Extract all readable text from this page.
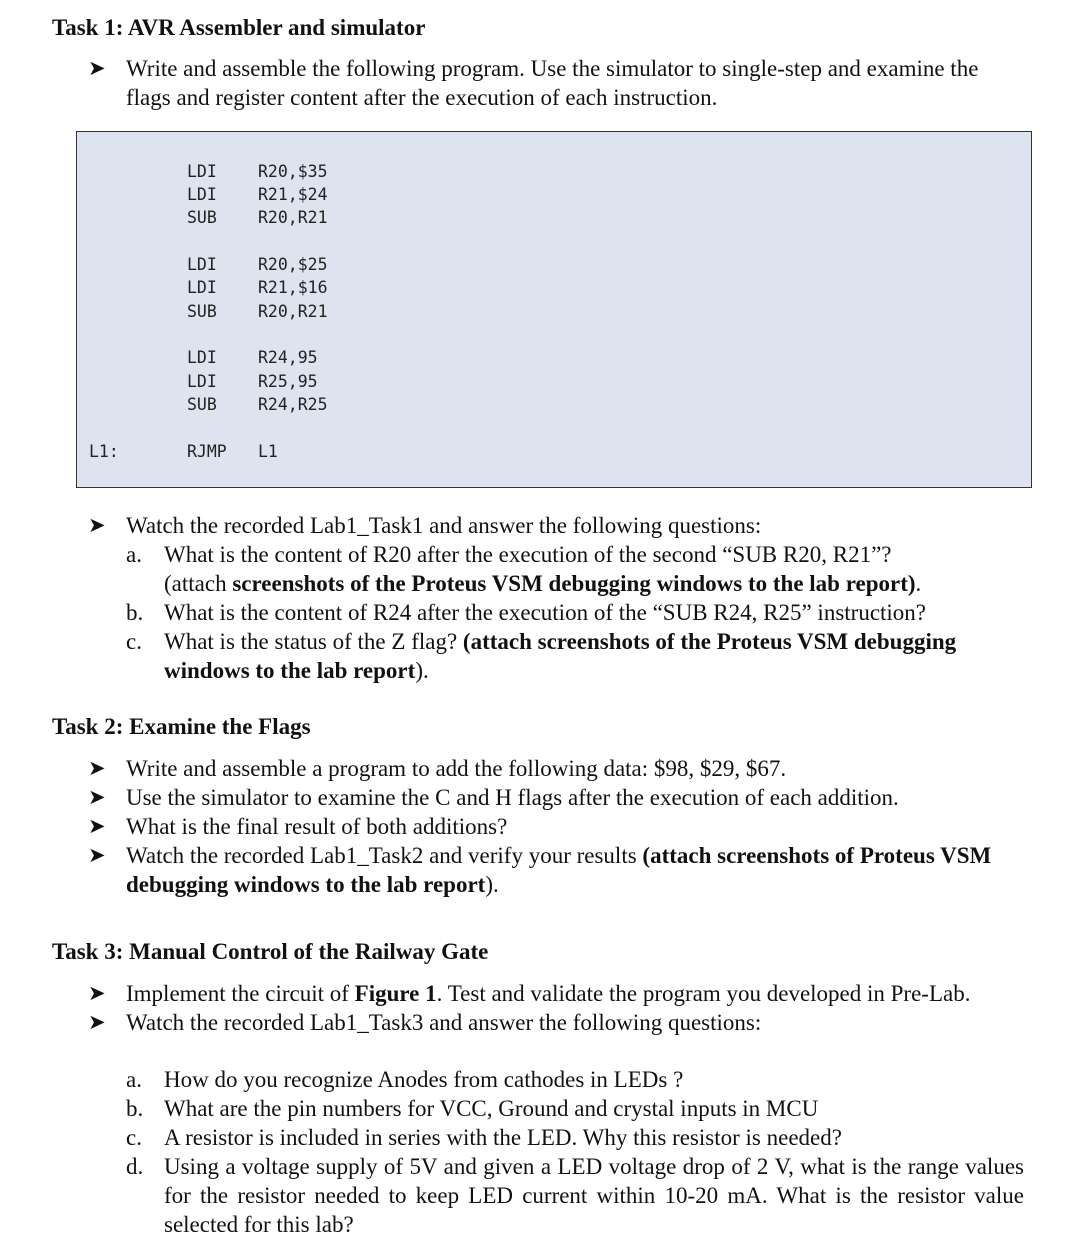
Task 1: AVR Assembler and simulator
➤ Write and assemble the following program. Use the simulator to single-step and examine the flags and register content after the execution of each instruction.
LDI R20,$35
LDI R21,$24
SUB R20,R21
LDI R20,$25
LDI R21,$16
SUB R20,R21
LDI R24,95
LDI R25,95
SUB R24,R25
L1:	RJMP L1
➤ Watch the recorded Lab1_Task1 and answer the following questions:
a. What is the content of R20 after the execution of the second “SUB R20, R21”?
(attach screenshots of the Proteus VSM debugging windows to the lab report).
b. What is the content of R24 after the execution of the “SUB R24, R25” instruction?
c. What is the status of the Z flag? (attach screenshots of the Proteus VSM debugging windows to the lab report).
Task 2: Examine the Flags
➤ Write and assemble a program to add the following data: $98, $29, $67.
➤ Use the simulator to examine the C and H flags after the execution of each addition.
➤ What is the final result of both additions?
➤ Watch the recorded Lab1_Task2 and verify your results (attach screenshots of Proteus VSM debugging windows to the lab report).
Task 3: Manual Control of the Railway Gate
➤ Implement the circuit of Figure 1. Test and validate the program you developed in Pre-Lab.
➤ Watch the recorded Lab1_Task3 and answer the following questions:
a. How do you recognize Anodes from cathodes in LEDs ?
b. What are the pin numbers for VCC, Ground and crystal inputs in MCU
c. A resistor is included in series with the LED. Why this resistor is needed?
d. Using a voltage supply of 5V and given a LED voltage drop of 2 V, what is the range values for the resistor needed to keep LED current within 10-20 mA. What is the resistor value selected for this lab?
